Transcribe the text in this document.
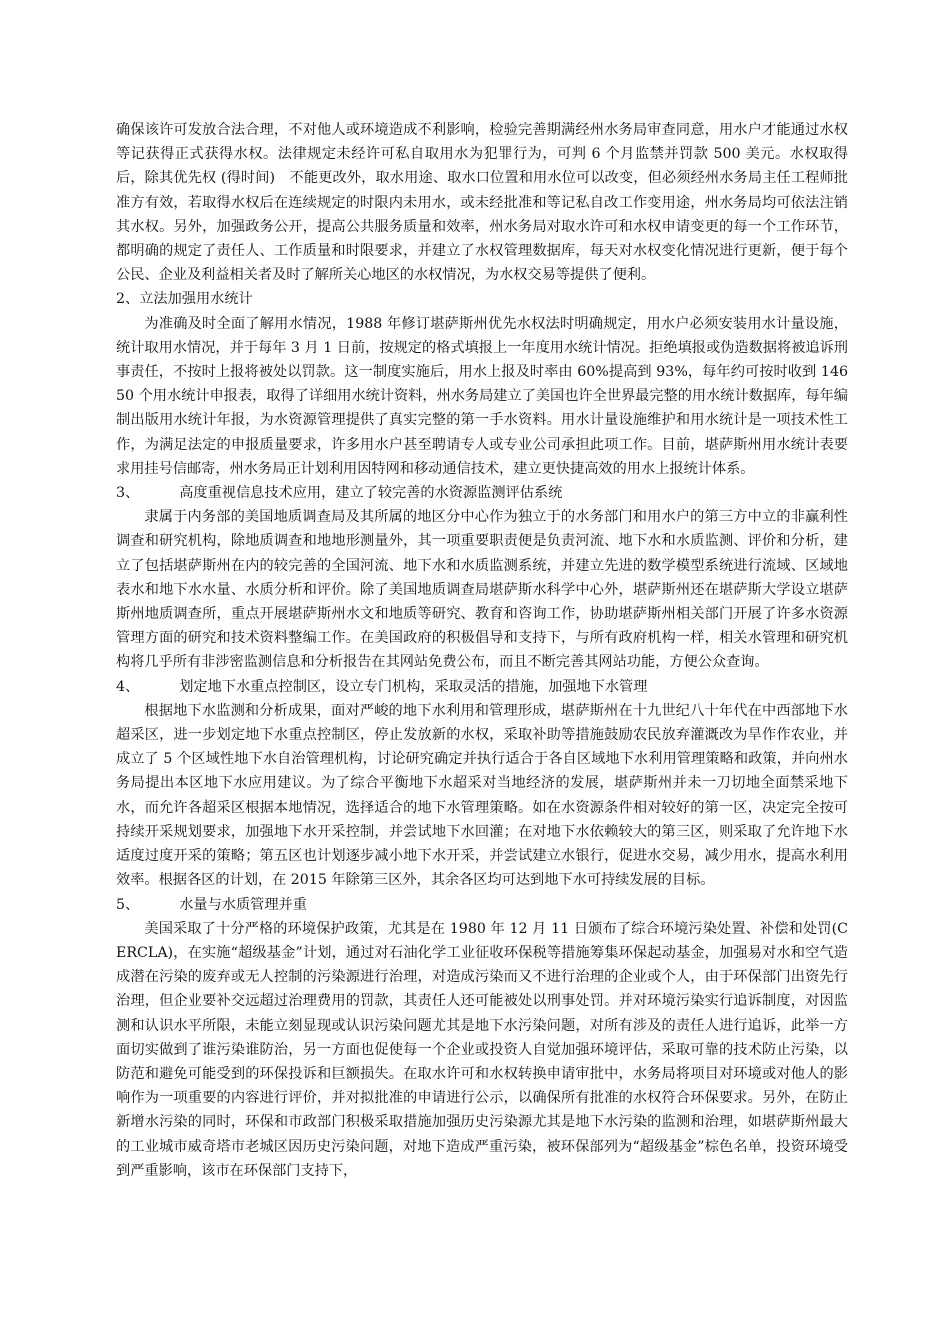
确保该许可发放合法合理，不对他人或环境造成不利影响，检验完善期满经州水务局审查同意，用水户才能通过水权等记获得正式获得水权。法律规定未经许可私自取用水为犯罪行为，可判 6 个月监禁并罚款 500 美元。水权取得后，除其优先权 (得时间)　不能更改外，取水用途、取水口位置和用水位可以改变，但必须经州水务局主任工程师批准方有效，若取得水权后在连续规定的时限内未用水，或未经批准和等记私自改工作变用途，州水务局均可依法注销其水权。另外，加强政务公开，提高公共服务质量和效率，州水务局对取水许可和水权申请变更的每一个工作环节，都明确的规定了责任人、工作质量和时限要求，并建立了水权管理数据库，每天对水权变化情况进行更新，便于每个公民、企业及利益相关者及时了解所关心地区的水权情况，为水权交易等提供了便利。

2、立法加强用水统计

为准确及时全面了解用水情况，1988 年修订堪萨斯州优先水权法时明确规定，用水户必须安装用水计量设施，统计取用水情况，并于每年 3 月 1 日前，按规定的格式填报上一年度用水统计情况。拒绝填报或伪造数据将被追诉刑事责任，不按时上报将被处以罚款。这一制度实施后，用水上报及时率由 60%提高到 93%，每年约可按时收到 14650 个用水统计申报表，取得了详细用水统计资料，州水务局建立了美国也许全世界最完整的用水统计数据库，每年编制出版用水统计年报，为水资源管理提供了真实完整的第一手水资料。用水计量设施维护和用水统计是一项技术性工作，为满足法定的申报质量要求，许多用水户甚至聘请专人或专业公司承担此项工作。目前，堪萨斯州用水统计表要求用挂号信邮寄，州水务局正计划利用因特网和移动通信技术，建立更快捷高效的用水上报统计体系。

3、	高度重视信息技术应用，建立了较完善的水资源监测评估系统

隶属于内务部的美国地质调查局及其所属的地区分中心作为独立于的水务部门和用水户的第三方中立的非赢利性调查和研究机构，除地质调查和地地形测量外，其一项重要职责便是负责河流、地下水和水质监测、评价和分析，建立了包括堪萨斯州在内的较完善的全国河流、地下水和水质监测系统，并建立先进的数学模型系统进行流域、区域地表水和地下水水量、水质分析和评价。除了美国地质调查局堪萨斯水科学中心外，堪萨斯州还在堪萨斯大学设立堪萨斯州地质调查所，重点开展堪萨斯州水文和地质等研究、教育和咨询工作，协助堪萨斯州相关部门开展了许多水资源管理方面的研究和技术资料整编工作。在美国政府的积极倡导和支持下，与所有政府机构一样，相关水管理和研究机构将几乎所有非涉密监测信息和分析报告在其网站免费公布，而且不断完善其网站功能，方便公众查询。

4、	划定地下水重点控制区，设立专门机构，采取灵活的措施，加强地下水管理

根据地下水监测和分析成果，面对严峻的地下水利用和管理形成，堪萨斯州在十九世纪八十年代在中西部地下水超采区，进一步划定地下水重点控制区，停止发放新的水权，采取补助等措施鼓励农民放弃灌溉改为旱作作农业，并成立了 5 个区域性地下水自治管理机构，讨论研究确定并执行适合于各自区域地下水利用管理策略和政策，并向州水务局提出本区地下水应用建议。为了综合平衡地下水超采对当地经济的发展，堪萨斯州并未一刀切地全面禁采地下水，而允许各超采区根据本地情况，选择适合的地下水管理策略。如在水资源条件相对较好的第一区，决定完全按可持续开采规划要求，加强地下水开采控制，并尝试地下水回灌；在对地下水依赖较大的第三区，则采取了允许地下水适度过度开采的策略；第五区也计划逐步减小地下水开采，并尝试建立水银行，促进水交易，减少用水，提高水利用效率。根据各区的计划，在 2015 年除第三区外，其余各区均可达到地下水可持续发展的目标。

5、	水量与水质管理并重

美国采取了十分严格的环境保护政策，尤其是在 1980 年 12 月 11 日颁布了综合环境污染处置、补偿和处罚(CERCLA)，在实施“超级基金”计划，通过对石油化学工业征收环保税等措施筹集环保起动基金，加强易对水和空气造成潜在污染的废弃或无人控制的污染源进行治理，对造成污染而又不进行治理的企业或个人，由于环保部门出资先行治理，但企业要补交远超过治理费用的罚款，其责任人还可能被处以刑事处罚。并对环境污染实行追诉制度，对因监测和认识水平所限，未能立刻显现或认识污染问题尤其是地下水污染问题，对所有涉及的责任人进行追诉，此举一方面切实做到了谁污染谁防治，另一方面也促使每一个企业或投资人自觉加强环境评估，采取可靠的技术防止污染，以防范和避免可能受到的环保投诉和巨额损失。在取水许可和水权转换申请审批中，水务局将项目对环境或对他人的影响作为一项重要的内容进行评价，并对拟批准的申请进行公示，以确保所有批准的水权符合环保要求。另外，在防止新增水污染的同时，环保和市政部门积极采取措施加强历史污染源尤其是地下水污染的监测和治理，如堪萨斯州最大的工业城市威奇塔市老城区因历史污染问题，对地下造成严重污染，被环保部列为“超级基金”棕色名单，投资环境受到严重影响，该市在环保部门支持下，
